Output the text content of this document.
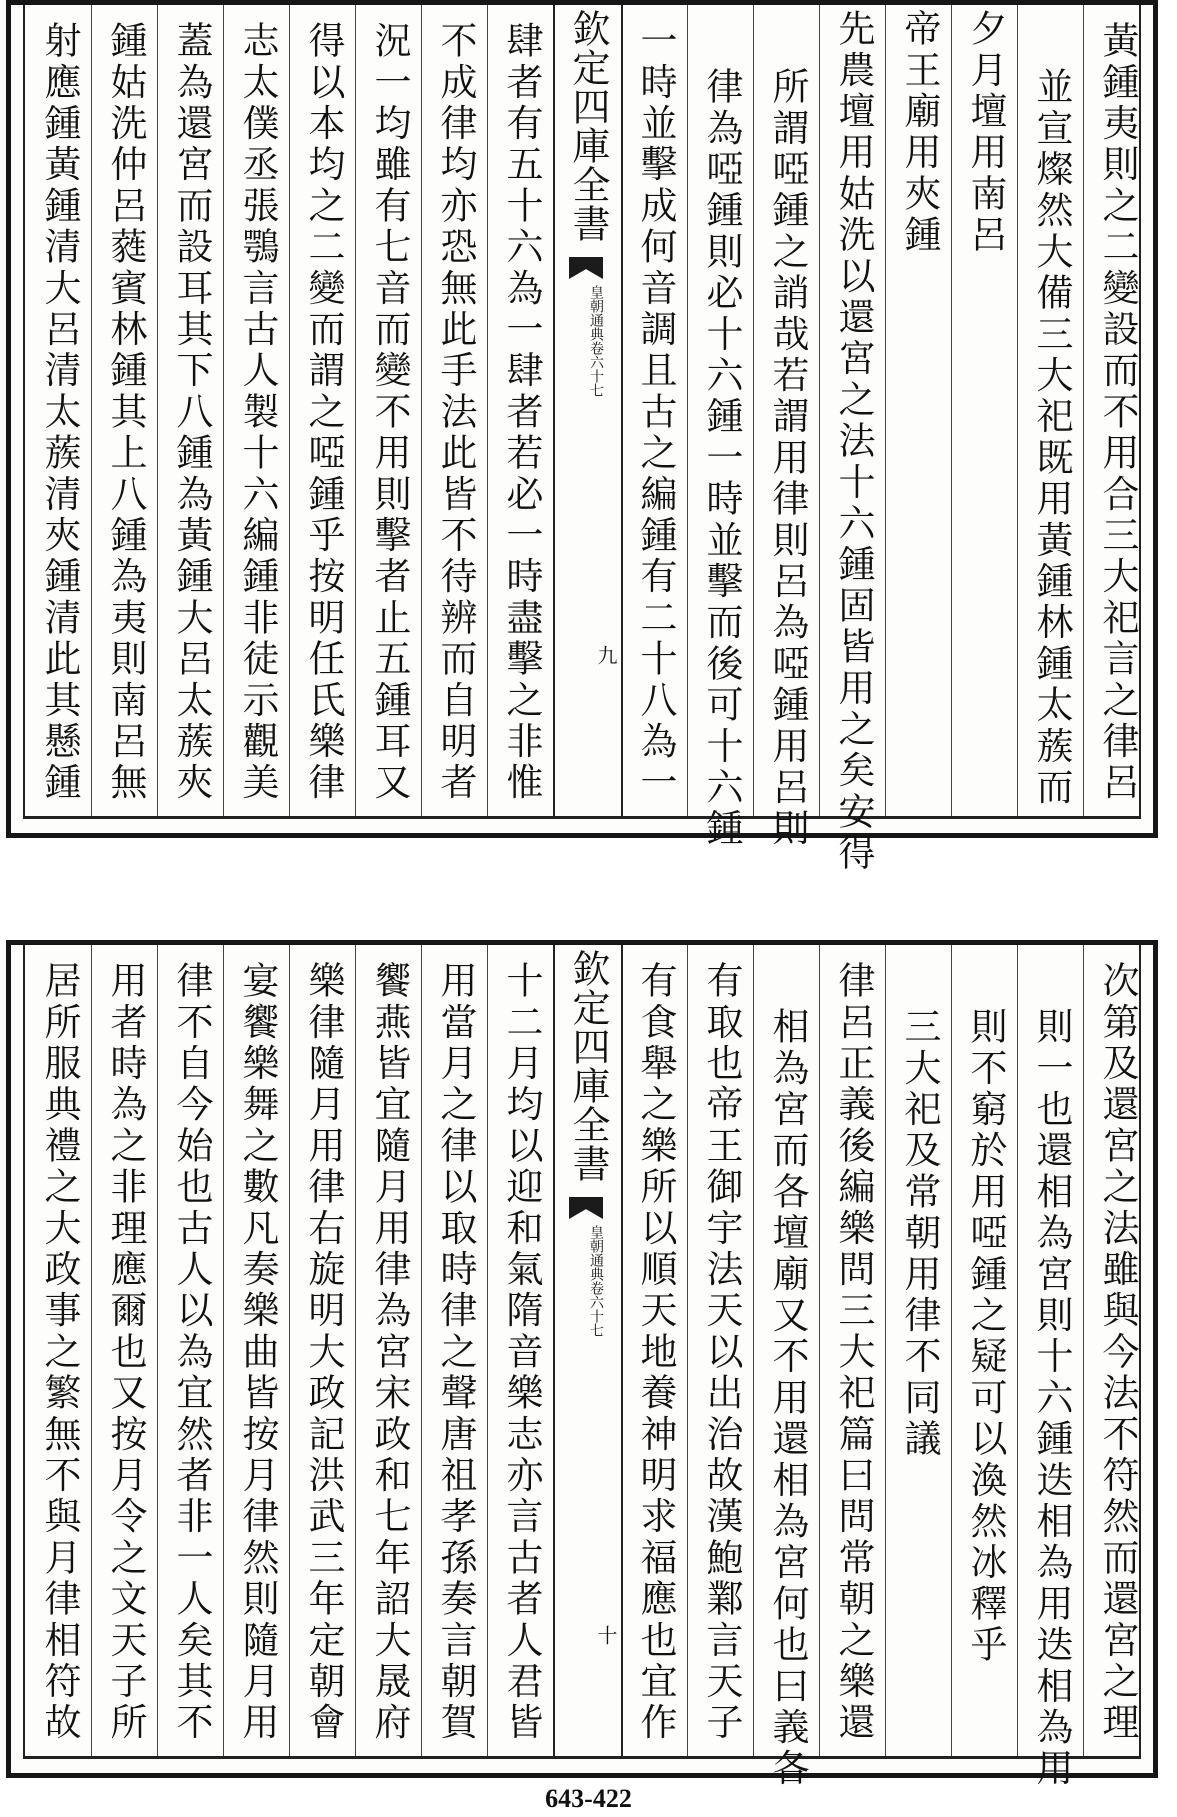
黃鍾夷則之二變設而不用合三大祀言之律呂
並宣燦然大備三大祀既用黃鍾林鍾太蔟而
夕月壇用南呂
帝王廟用夾鍾
先農壇用姑洗以還宮之法十六鍾固皆用之矣安得
所謂啞鍾之誚哉若謂用律則呂為啞鍾用呂則
律為啞鍾則必十六鍾一時並擊而後可十六鍾
一時並擊成何音調且古之編鍾有二十八為一
欽定四庫全書
皇朝通典卷六十七
九
肆者有五十六為一肆者若必一時盡擊之非惟
不成律均亦恐無此手法此皆不待辨而自明者
況一均雖有七音而變不用則擊者止五鍾耳又
得以本均之二變而謂之啞鍾乎按明任氏樂律
志太僕丞張鶚言古人製十六編鍾非徒示觀美
蓋為還宮而設耳其下八鍾為黃鍾大呂太蔟夾
鍾姑洗仲呂蕤賓林鍾其上八鍾為夷則南呂無
射應鍾黃鍾清大呂清太蔟清夾鍾清此其懸鍾
次第及還宮之法雖與今法不符然而還宮之理
則一也還相為宮則十六鍾迭相為用迭相為用
則不窮於用啞鍾之疑可以渙然冰釋乎
三大祀及常朝用律不同議
律呂正義後編樂問三大祀篇曰問常朝之樂還
相為宮而各壇廟又不用還相為宮何也曰義各
有取也帝王御宇法天以出治故漢鮑鄴言天子
有食舉之樂所以順天地養神明求福應也宜作
欽定四庫全書
皇朝通典卷六十七
十
十二月均以迎和氣隋音樂志亦言古者人君皆
用當月之律以取時律之聲唐祖孝孫奏言朝賀
饗燕皆宜隨月用律為宮宋政和七年詔大晟府
樂律隨月用律右旋明大政記洪武三年定朝會
宴饗樂舞之數凡奏樂曲皆按月律然則隨月用
律不自今始也古人以為宜然者非一人矣其不
用者時為之非理應爾也又按月令之文天子所
居所服典禮之大政事之繁無不與月律相符故
643-422
